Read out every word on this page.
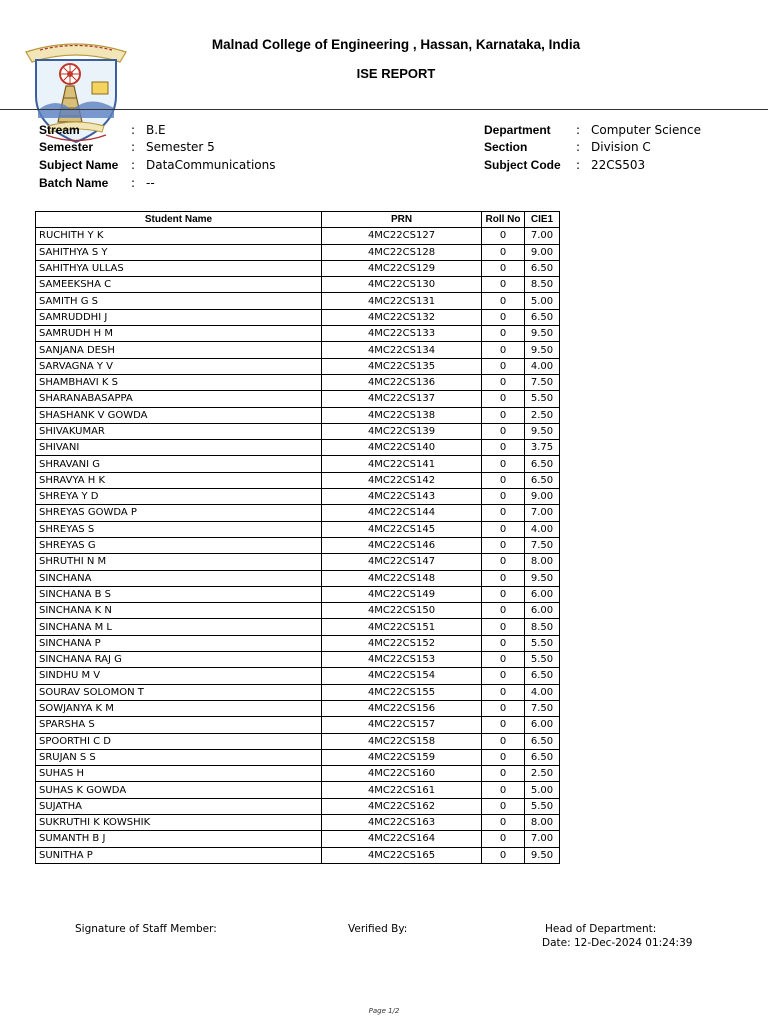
Malnad College of Engineering , Hassan, Karnataka, India
ISE REPORT
Stream	: B.E
Semester	: Semester 5
Subject Name : DataCommunications
Batch Name : --
Department : Computer Science
Section	: Division C
Subject Code : 22CS503
Student Name	PRN	Roll No	CIE1
RUCHITH Y K	4MC22CS127	0	7.00
SAHITHYA S Y	4MC22CS128	0	9.00
SAHITHYA ULLAS	4MC22CS129	0	6.50
SAMEEKSHA C	4MC22CS130	0	8.50
SAMITH G S	4MC22CS131	0	5.00
SAMRUDDHI J	4MC22CS132	0	6.50
SAMRUDH H M	4MC22CS133	0	9.50
SANJANA DESH	4MC22CS134	0	9.50
SARVAGNA Y V	4MC22CS135	0	4.00
SHAMBHAVI K S	4MC22CS136	0	7.50
SHARANABASAPPA	4MC22CS137	0	5.50
SHASHANK V GOWDA	4MC22CS138	0	2.50
SHIVAKUMAR	4MC22CS139	0	9.50
SHIVANI	4MC22CS140	0	3.75
SHRAVANI G	4MC22CS141	0	6.50
SHRAVYA H K	4MC22CS142	0	6.50
SHREYA Y D	4MC22CS143	0	9.00
SHREYAS GOWDA P	4MC22CS144	0	7.00
SHREYAS S	4MC22CS145	0	4.00
SHREYAS G	4MC22CS146	0	7.50
SHRUTHI N M	4MC22CS147	0	8.00
SINCHANA	4MC22CS148	0	9.50
SINCHANA B S	4MC22CS149	0	6.00
SINCHANA K N	4MC22CS150	0	6.00
SINCHANA M L	4MC22CS151	0	8.50
SINCHANA P	4MC22CS152	0	5.50
SINCHANA RAJ G	4MC22CS153	0	5.50
SINDHU M V	4MC22CS154	0	6.50
SOURAV SOLOMON T	4MC22CS155	0	4.00
SOWJANYA K M	4MC22CS156	0	7.50
SPARSHA S	4MC22CS157	0	6.00
SPOORTHI C D	4MC22CS158	0	6.50
SRUJAN S S	4MC22CS159	0	6.50
SUHAS H	4MC22CS160	0	2.50
SUHAS K GOWDA	4MC22CS161	0	5.00
SUJATHA	4MC22CS162	0	5.50
SUKRUTHI K KOWSHIK	4MC22CS163	0	8.00
SUMANTH B J	4MC22CS164	0	7.00
SUNITHA P	4MC22CS165	0	9.50
Signature of Staff Member:	Verified By:	Head of Department:
Date: 12-Dec-2024 01:24:39
Page 1/2
